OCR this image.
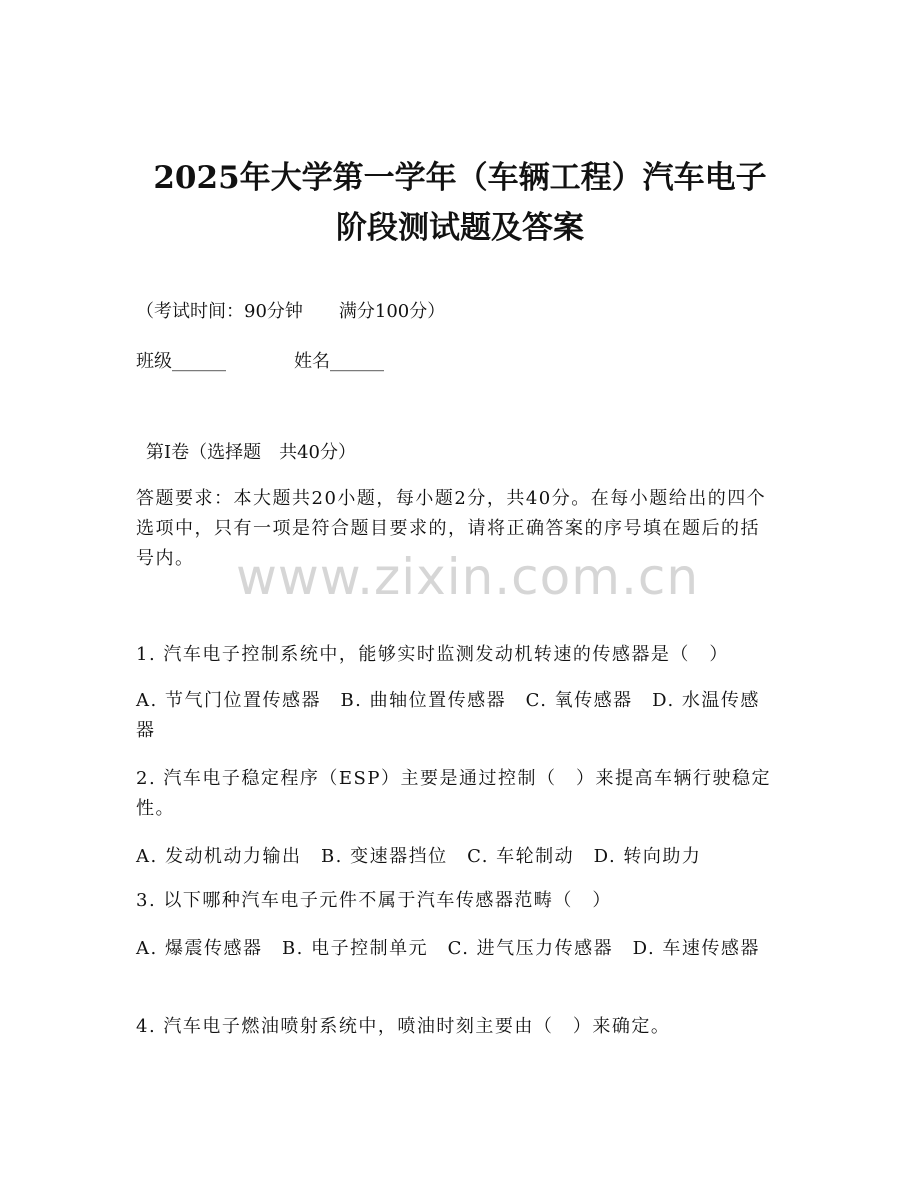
2025年大学第一学年（车辆工程）汽车电子
阶段测试题及答案
（考试时间：90分钟　　满分100分）
班级______	姓名______
第Ⅰ卷（选择题　共40分）
答题要求：本大题共20小题，每小题2分，共40分。在每小题给出的四个选项中，只有一项是符合题目要求的，请将正确答案的序号填在题后的括号内。 www.zixin.com.cn
1. 汽车电子控制系统中，能够实时监测发动机转速的传感器是（　）
A. 节气门位置传感器　B. 曲轴位置传感器　C. 氧传感器　D. 水温传感器
2. 汽车电子稳定程序（ESP）主要是通过控制（　）来提高车辆行驶稳定性。
A. 发动机动力输出　B. 变速器挡位　C. 车轮制动　D. 转向助力
3. 以下哪种汽车电子元件不属于汽车传感器范畴（　）
A. 爆震传感器　B. 电子控制单元　C. 进气压力传感器　D. 车速传感器
4. 汽车电子燃油喷射系统中，喷油时刻主要由（　）来确定。
